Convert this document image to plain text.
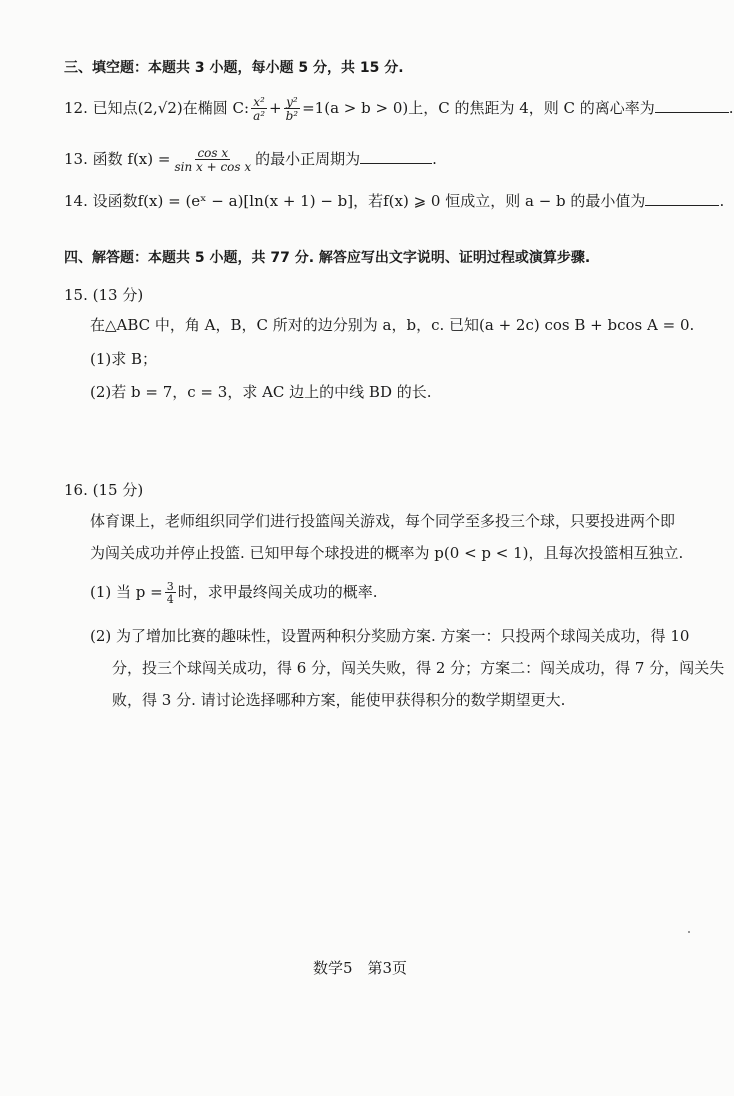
三、填空题：本题共 3 小题，每小题 5 分，共 15 分.
12. 已知点(2,√2)在椭圆 C: $\frac{\text{x²}}{\text{a²}} + \frac{\text{y²}}{\text{b²}} =1(a > b > 0)$上，C 的焦距为 4，则 C 的离心率为	.
13. 函数 $f(x) = \frac{\text{cos x}}{\text{sin x + cos x}}$ 的最小正周期为	.
14. 设函数f(x) = (eˣ − a)[ln(x + 1) − b]，若f(x) ⩾ 0 恒成立，则 a − b 的最小值为	.
四、解答题：本题共 5 小题，共 77 分. 解答应写出文字说明、证明过程或演算步骤.
15. (13 分)
在△ABC 中，角 A，B，C 所对的边分别为 a，b，c. 已知(a + 2c) cos B + bcos A = 0.
(1)求 B；
(2)若 b = 7，c = 3，求 AC 边上的中线 BD 的长.
16. (15 分)
体育课上，老师组织同学们进行投篮闯关游戏，每个同学至多投三个球，只要投进两个即
为闯关成功并停止投篮. 已知甲每个球投进的概率为 p(0 < p < 1)，且每次投篮相互独立.
(1) 当 $p = \frac{3}{4}$ 时，求甲最终闯关成功的概率.
(2) 为了增加比赛的趣味性，设置两种积分奖励方案. 方案一：只投两个球闯关成功，得 10
分，投三个球闯关成功，得 6 分，闯关失败，得 2 分；方案二：闯关成功，得 7 分，闯关失
败，得 3 分. 请讨论选择哪种方案，能使甲获得积分的数学期望更大.
数学5　第3页
